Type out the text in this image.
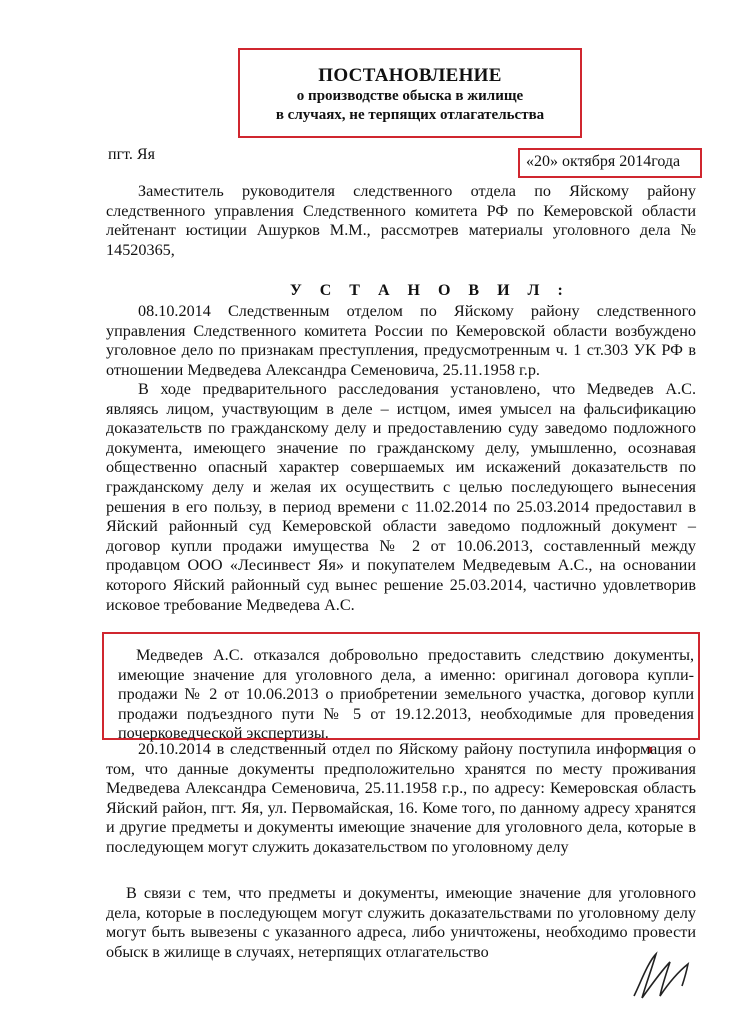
ПОСТАНОВЛЕНИЕ
о производстве обыска в жилище
в случаях, не терпящих отлагательства
пгт. Яя	«20» октября 2014года
Заместитель руководителя следственного отдела по Яйскому району следственного управления Следственного комитета РФ по Кемеровской области лейтенант юстиции Ашурков М.М., рассмотрев материалы уголовного дела № 14520365,
У С Т А Н О В И Л :
08.10.2014 Следственным отделом по Яйскому району следственного управления Следственного комитета России по Кемеровской области возбуждено уголовное дело по признакам преступления, предусмотренным ч. 1 ст.303 УК РФ в отношении Медведева Александра Семеновича, 25.11.1958 г.р.
В ходе предварительного расследования установлено, что Медведев А.С. являясь лицом, участвующим в деле – истцом, имея умысел на фальсификацию доказательств по гражданскому делу и предоставлению суду заведомо подложного документа, имеющего значение по гражданскому делу, умышленно, осознавая общественно опасный характер совершаемых им искажений доказательств по гражданскому делу и желая их осуществить с целью последующего вынесения решения в его пользу, в период времени с 11.02.2014 по 25.03.2014 предоставил в Яйский районный суд Кемеровской области заведомо подложный документ – договор купли продажи имущества № 2 от 10.06.2013, составленный между продавцом ООО «Лесинвест Яя» и покупателем Медведевым А.С., на основании которого Яйский районный суд вынес решение 25.03.2014, частично удовлетворив исковое требование Медведева А.С.
Медведев А.С. отказался добровольно предоставить следствию документы, имеющие значение для уголовного дела, а именно: оригинал договора купли-продажи № 2 от 10.06.2013 о приобретении земельного участка, договор купли продажи подъездного пути № 5 от 19.12.2013, необходимые для проведения почерковедческой экспертизы.
20.10.2014 в следственный отдел по Яйскому району поступила информация о том, что данные документы предположительно хранятся по месту проживания Медведева Александра Семеновича, 25.11.1958 г.р., по адресу: Кемеровская область Яйский район, пгт. Яя, ул. Первомайская, 16. Коме того, по данному адресу хранятся и другие предметы и документы имеющие значение для уголовного дела, которые в последующем могут служить доказательством по уголовному делу
В связи с тем, что предметы и документы, имеющие значение для уголовного дела, которые в последующем могут служить доказательствами по уголовному делу могут быть вывезены с указанного адреса, либо уничтожены, необходимо провести обыск в жилище в случаях, нетерпящих отлагательство
